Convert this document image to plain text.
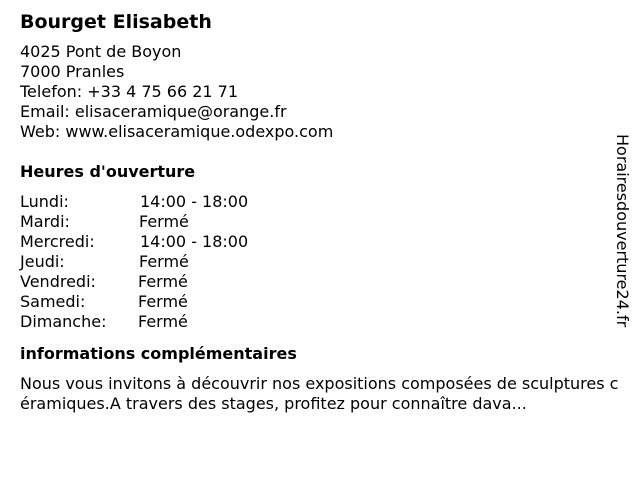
Bourget Elisabeth
4025 Pont de Boyon
7000 Pranles
Telefon: +33 4 75 66 21 71
Email: elisaceramique@orange.fr
Web: www.elisaceramique.odexpo.com
Heures d'ouverture
Lundi:	14:00 - 18:00
Mardi:	Fermé
Mercredi:	14:00 - 18:00
Jeudi:	Fermé
Vendredi:	Fermé
Samedi:	Fermé
Dimanche:	Fermé
informations complémentaires
Nous vous invitons à découvrir nos expositions composées de sculptures céramiques.A travers des stages, profitez pour connaître dava...
Horairesdouverture24.fr
